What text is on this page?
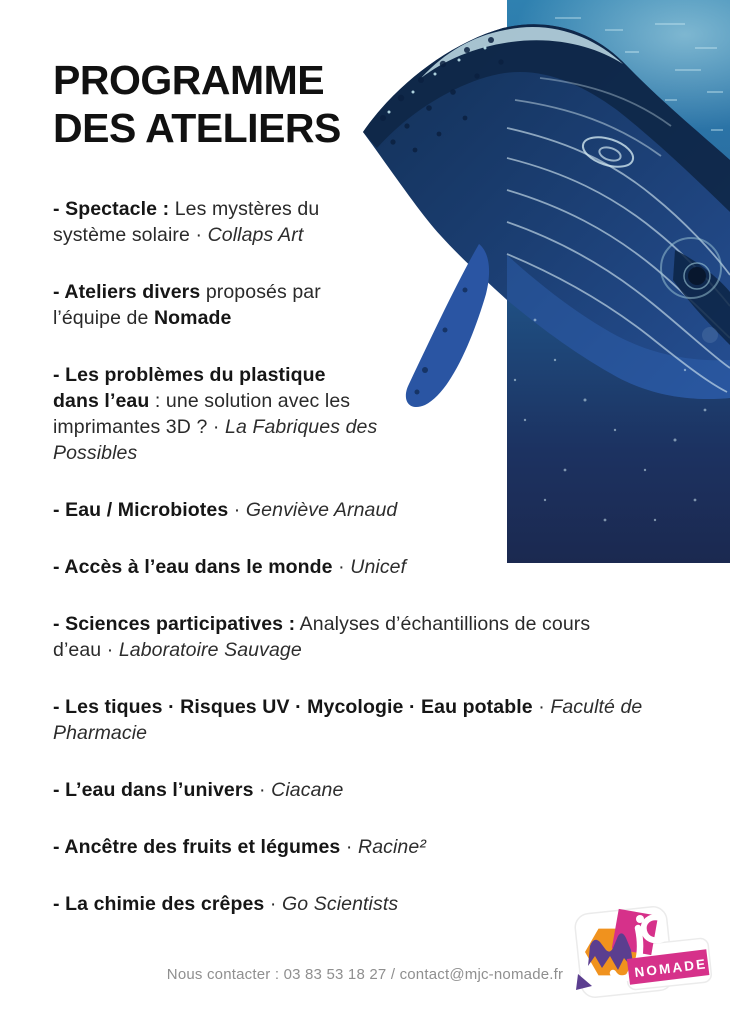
PROGRAMME
DES ATELIERS

- Spectacle : Les mystères du
système solaire · Collaps Art

- Ateliers divers proposés par
l’équipe de Nomade

- Les problèmes du plastique
dans l’eau : une solution avec les
imprimantes 3D ? · La Fabriques des
Possibles

- Eau / Microbiotes · Genviève Arnaud

- Accès à l’eau dans le monde · Unicef

- Sciences participatives : Analyses d’échantillions de cours
d’eau · Laboratoire Sauvage

- Les tiques · Risques UV · Mycologie · Eau potable · Faculté de
Pharmacie

- L’eau dans l’univers · Ciacane

- Ancêtre des fruits et légumes · Racine²

- La chimie des crêpes · Go Scientists

NOMADE
Nous contacter : 03 83 53 18 27 / contact@mjc-nomade.fr
